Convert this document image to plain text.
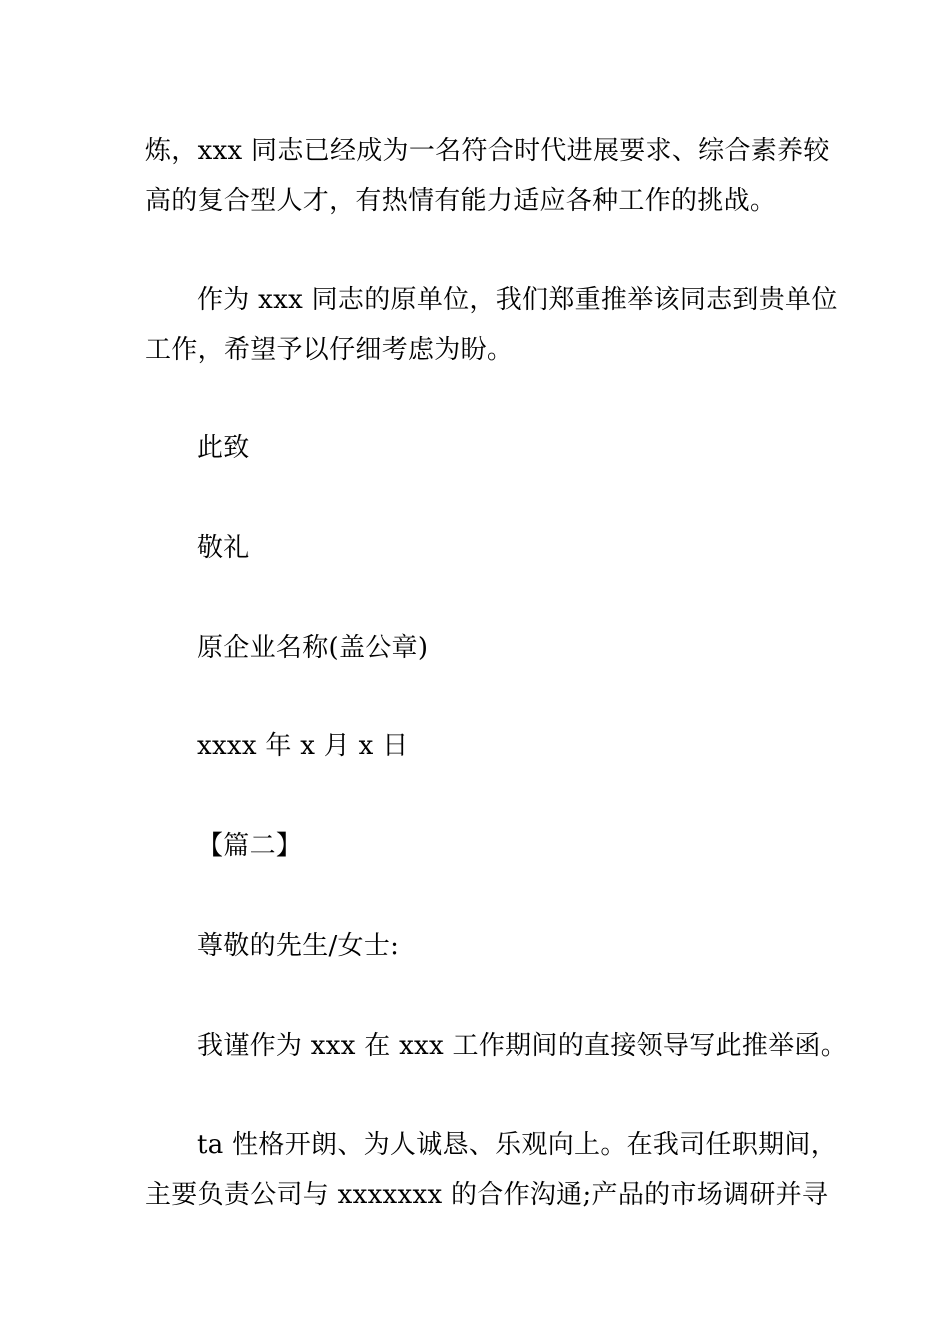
炼，xxx 同志已经成为一名符合时代进展要求、综合素养较
高的复合型人才，有热情有能力适应各种工作的挑战。
作为 xxx 同志的原单位，我们郑重推举该同志到贵单位
工作，希望予以仔细考虑为盼。
此致
敬礼
原企业名称(盖公章)
xxxx 年 x 月 x 日
【篇二】
尊敬的先生/女士:
我谨作为 xxx 在 xxx 工作期间的直接领导写此推举函。
ta 性格开朗、为人诚恳、乐观向上。在我司任职期间，
主要负责公司与 xxxxxxx 的合作沟通;产品的市场调研并寻
